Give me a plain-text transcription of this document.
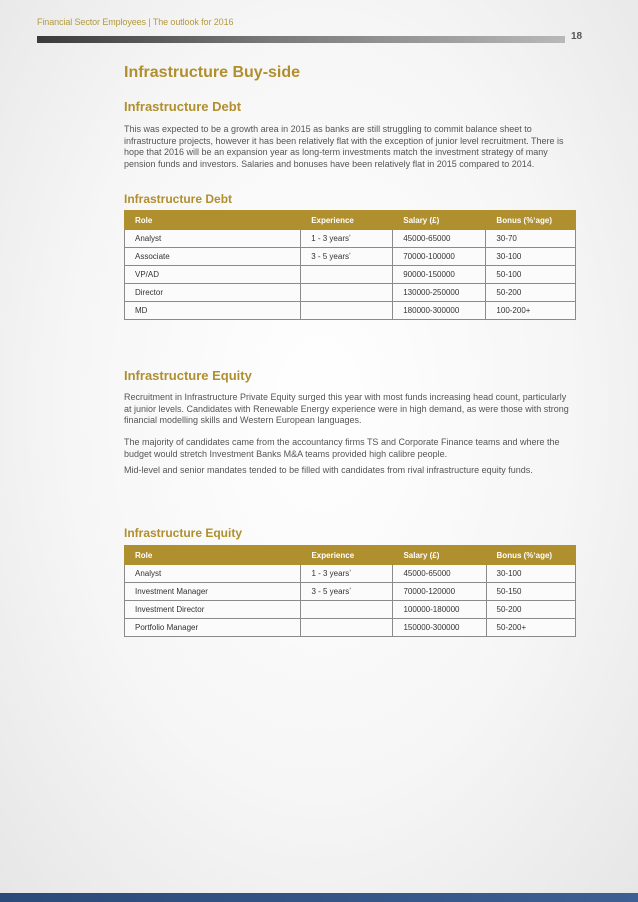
Financial Sector Employees | The outlook for 2016
18
Infrastructure Buy-side
Infrastructure Debt

This was expected to be a growth area in 2015 as banks are still struggling to commit balance sheet to infrastructure projects, however it has been relatively flat with the exception of junior level recruitment. There is hope that 2016 will be an expansion year as long-term investments match the investment strategy of many pension funds and investors. Salaries and bonuses have been relatively flat in 2015 compared to 2014.

Infrastructure Debt
Role	Experience	Salary (£)	Bonus (%ʼage)
Analyst	1 - 3 yearsʼ	45000-65000	30-70
Associate	3 - 5 yearsʼ	70000-100000	30-100
VP/AD		90000-150000	50-100
Director		130000-250000	50-200
MD		180000-300000	100-200+
Infrastructure Equity

Recruitment in Infrastructure Private Equity surged this year with most funds increasing head count, particularly at junior levels. Candidates with Renewable Energy experience were in high demand, as were those with strong financial modelling skills and Western European languages.

The majority of candidates came from the accountancy firms TS and Corporate Finance teams and where the budget would stretch Investment Banks M&A teams provided high calibre people.

Mid-level and senior mandates tended to be filled with candidates from rival infrastructure equity funds.

Infrastructure Equity
Role	Experience	Salary (£)	Bonus (%ʼage)
Analyst	1 - 3 yearsʼ	45000-65000	30-100
Investment Manager	3 - 5 yearsʼ	70000-120000	50-150
Investment Director		100000-180000	50-200
Portfolio Manager		150000-300000	50-200+
